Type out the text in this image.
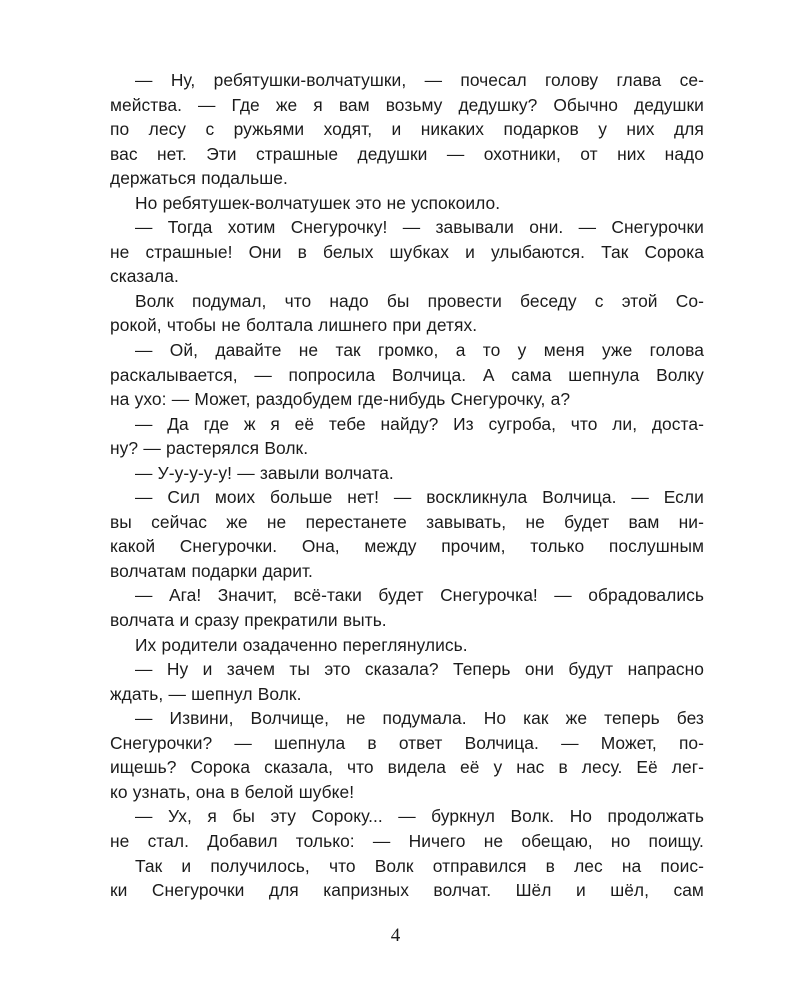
— Ну, ребятушки-волчатушки, — почесал голову глава се-
мейства. — Где же я вам возьму дедушку? Обычно дедушки
по лесу с ружьями ходят, и никаких подарков у них для
вас нет. Эти страшные дедушки — охотники, от них надо
держаться подальше.
Но ребятушек-волчатушек это не успокоило.
— Тогда хотим Снегурочку! — завывали они. — Снегурочки
не страшные! Они в белых шубках и улыбаются. Так Сорока
сказала.
Волк подумал, что надо бы провести беседу с этой Со-
рокой, чтобы не болтала лишнего при детях.
— Ой, давайте не так громко, а то у меня уже голова
раскалывается, — попросила Волчица. А сама шепнула Волку
на ухо: — Может, раздобудем где-нибудь Снегурочку, а?
— Да где ж я её тебе найду? Из сугроба, что ли, доста-
ну? — растерялся Волк.
— У-у-у-у-у! — завыли волчата.
— Сил моих больше нет! — воскликнула Волчица. — Если
вы сейчас же не перестанете завывать, не будет вам ни-
какой Снегурочки. Она, между прочим, только послушным
волчатам подарки дарит.
— Ага! Значит, всё-таки будет Снегурочка! — обрадовались
волчата и сразу прекратили выть.
Их родители озадаченно переглянулись.
— Ну и зачем ты это сказала? Теперь они будут напрасно
ждать, — шепнул Волк.
— Извини, Волчище, не подумала. Но как же теперь без
Снегурочки? — шепнула в ответ Волчица. — Может, по-
ищешь? Сорока сказала, что видела её у нас в лесу. Её лег-
ко узнать, она в белой шубке!
— Ух, я бы эту Сороку... — буркнул Волк. Но продолжать
не стал. Добавил только: — Ничего не обещаю, но поищу.
Так и получилось, что Волк отправился в лес на поис-
ки Снегурочки для капризных волчат. Шёл и шёл, сам
4
